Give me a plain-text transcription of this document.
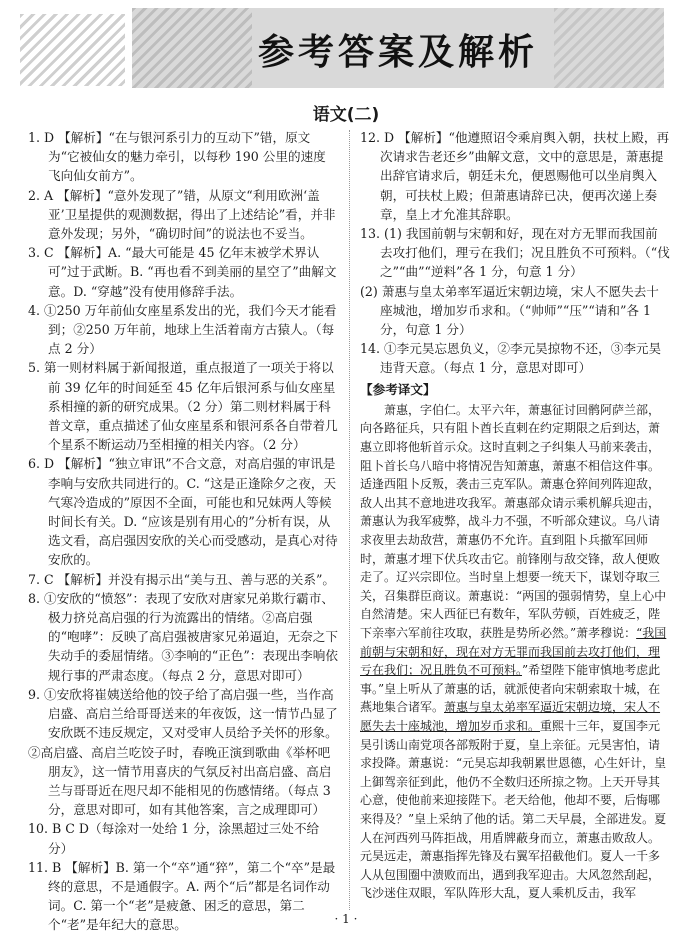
参考答案及解析
语文(二)

1. D 【解析】“在与银河系引力的互动下”错，原文为“它被仙女的魅力牵引，以每秒 190 公里的速度飞向仙女前方”。

2. A 【解析】“意外发现了”错，从原文“利用欧洲‘盖亚’卫星提供的观测数据，得出了上述结论”看，并非意外发现；另外，“确切时间”的说法也不妥当。

3. C 【解析】A. “最大可能是 45 亿年末被学术界认可”过于武断。B. “再也看不到美丽的星空了”曲解文意。D. “穿越”没有使用修辞手法。

4. ①250 万年前仙女座星系发出的光，我们今天才能看到；②250 万年前，地球上生活着南方古猿人。（每点 2 分）

5. 第一则材料属于新闻报道，重点报道了一项关于将以前 39 亿年的时间延至 45 亿年后银河系与仙女座星系相撞的新的研究成果。（2 分）第二则材料属于科普文章，重点描述了仙女座星系和银河系各自带着几个星系不断运动乃至相撞的相关内容。（2 分）

6. D 【解析】“独立审讯”不合文意，对高启强的审讯是李响与安欣共同进行的。C. “这是正逢除夕之夜，天气寒冷造成的”原因不全面，可能也和兄妹两人等候时间长有关。D. “应该是别有用心的”分析有误，从选文看，高启强因安欣的关心而受感动，是真心对待安欣的。

7. C 【解析】并没有揭示出“美与丑、善与恶的关系”。

8. ①安欣的“愤怒”：表现了安欣对唐家兄弟欺行霸市、极力挤兑高启强的行为流露出的情绪。②高启强的“咆哮”：反映了高启强被唐家兄弟逼迫，无奈之下失动手的委屈情绪。③李响的“正色”：表现出李响依规行事的严肃态度。（每点 2 分，意思对即可）

9. ①安欣将崔姨送给他的饺子给了高启强一些，当作高启盛、高启兰给哥哥送来的年夜饭，这一情节凸显了安欣既不违反规定，又对受审人员给予关怀的形象。

②高启盛、高启兰吃饺子时，春晚正演到歌曲《举杯吧朋友》，这一情节用喜庆的气氛反衬出高启盛、高启兰与哥哥近在咫尺却不能相见的伤感情绪。（每点 3 分，意思对即可，如有其他答案，言之成理即可）

10. B C D（每涂对一处给 1 分，涂黑超过三处不给分）

11. B 【解析】B. 第一个“卒”通“猝”，第二个“卒”是最终的意思，不是通假字。A. 两个“后”都是名词作动词。C. 第一个“老”是疲惫、困乏的意思，第二个“老”是年纪大的意思。

12. D 【解析】“他遵照诏令乘肩舆入朝，扶杖上殿，再次请求告老还乡”曲解文意，文中的意思是，萧惠提出辞官请求后，朝廷未允，便恩赐他可以坐肩舆入朝，可扶杖上殿；但萧惠请辞已决，便再次递上奏章，皇上才允准其辞职。

13. (1) 我国前朝与宋朝和好，现在对方无罪而我国前去攻打他们，理亏在我们；况且胜负不可预料。（“伐之”“曲”“逆料”各 1 分，句意 1 分）

(2) 萧惠与皇太弟率军逼近宋朝边境，宋人不愿失去十座城池，增加岁币求和。（“帅师”“压”“请和”各 1 分，句意 1 分）

14. ①李元昊忘恩负义，②李元昊掠物不还，③李元昊违背天意。（每点 1 分，意思对即可）

【参考译文】

萧惠，字伯仁。太平六年，萧惠征讨回鹘阿萨兰部，向各路征兵，只有阻卜酋长直剌在约定期限之后到达，萧惠立即将他斩首示众。这时直剌之子纠集人马前来袭击，阻卜首长乌八暗中将情况告知萧惠，萧惠不相信这件事。适逢西阻卜反叛，袭击三克军队。萧惠仓猝间列阵迎敌，敌人出其不意地进攻我军。萧惠部众请示乘机解兵迎击，萧惠认为我军疲弊，战斗力不强，不听部众建议。乌八请求夜里去劫敌营，萧惠仍不允许。直到阻卜兵撤军回师时，萧惠才埋下伏兵攻击它。前锋刚与敌交锋，敌人便败走了。辽兴宗即位。当时皇上想要一统天下，谋划夺取三关，召集群臣商议。萧惠说：“两国的强弱情势，皇上心中自然清楚。宋人西征已有数年，军队劳顿，百姓疲乏，陛下亲率六军前往攻取，获胜是势所必然。”萧孝穆说：“我国前朝与宋朝和好，现在对方无罪而我国前去攻打他们，理亏在我们；况且胜负不可预料。”希望陛下能审慎地考虑此事。”皇上听从了萧惠的话，就派使者向宋朝索取十城，在燕地集合诸军。萧惠与皇太弟率军逼近宋朝边境，宋人不愿失去十座城池，增加岁币求和。重熙十三年，夏国李元昊引诱山南党项各部叛附于夏，皇上亲征。元昊害怕，请求投降。萧惠说：“元昊忘却我朝累世恩德，心生奸计，皇上御驾亲征到此，他仍不全数归还所掠之物。上天开导其心意，使他前来迎接陛下。老天给他，他却不要，后悔哪来得及？”皇上采纳了他的话。第二天早晨，全部进发。夏人在河西列马阵拒战，用盾牌蔽身而立，萧惠击败敌人。元昊远走，萧惠指挥先锋及右翼军招截他们。夏人一千多人从包围圈中溃败而出，遇到我军迎击。大风忽然刮起，飞沙迷住双眼，军队阵形大乱，夏人乘机反击，我军

· 1 ·
